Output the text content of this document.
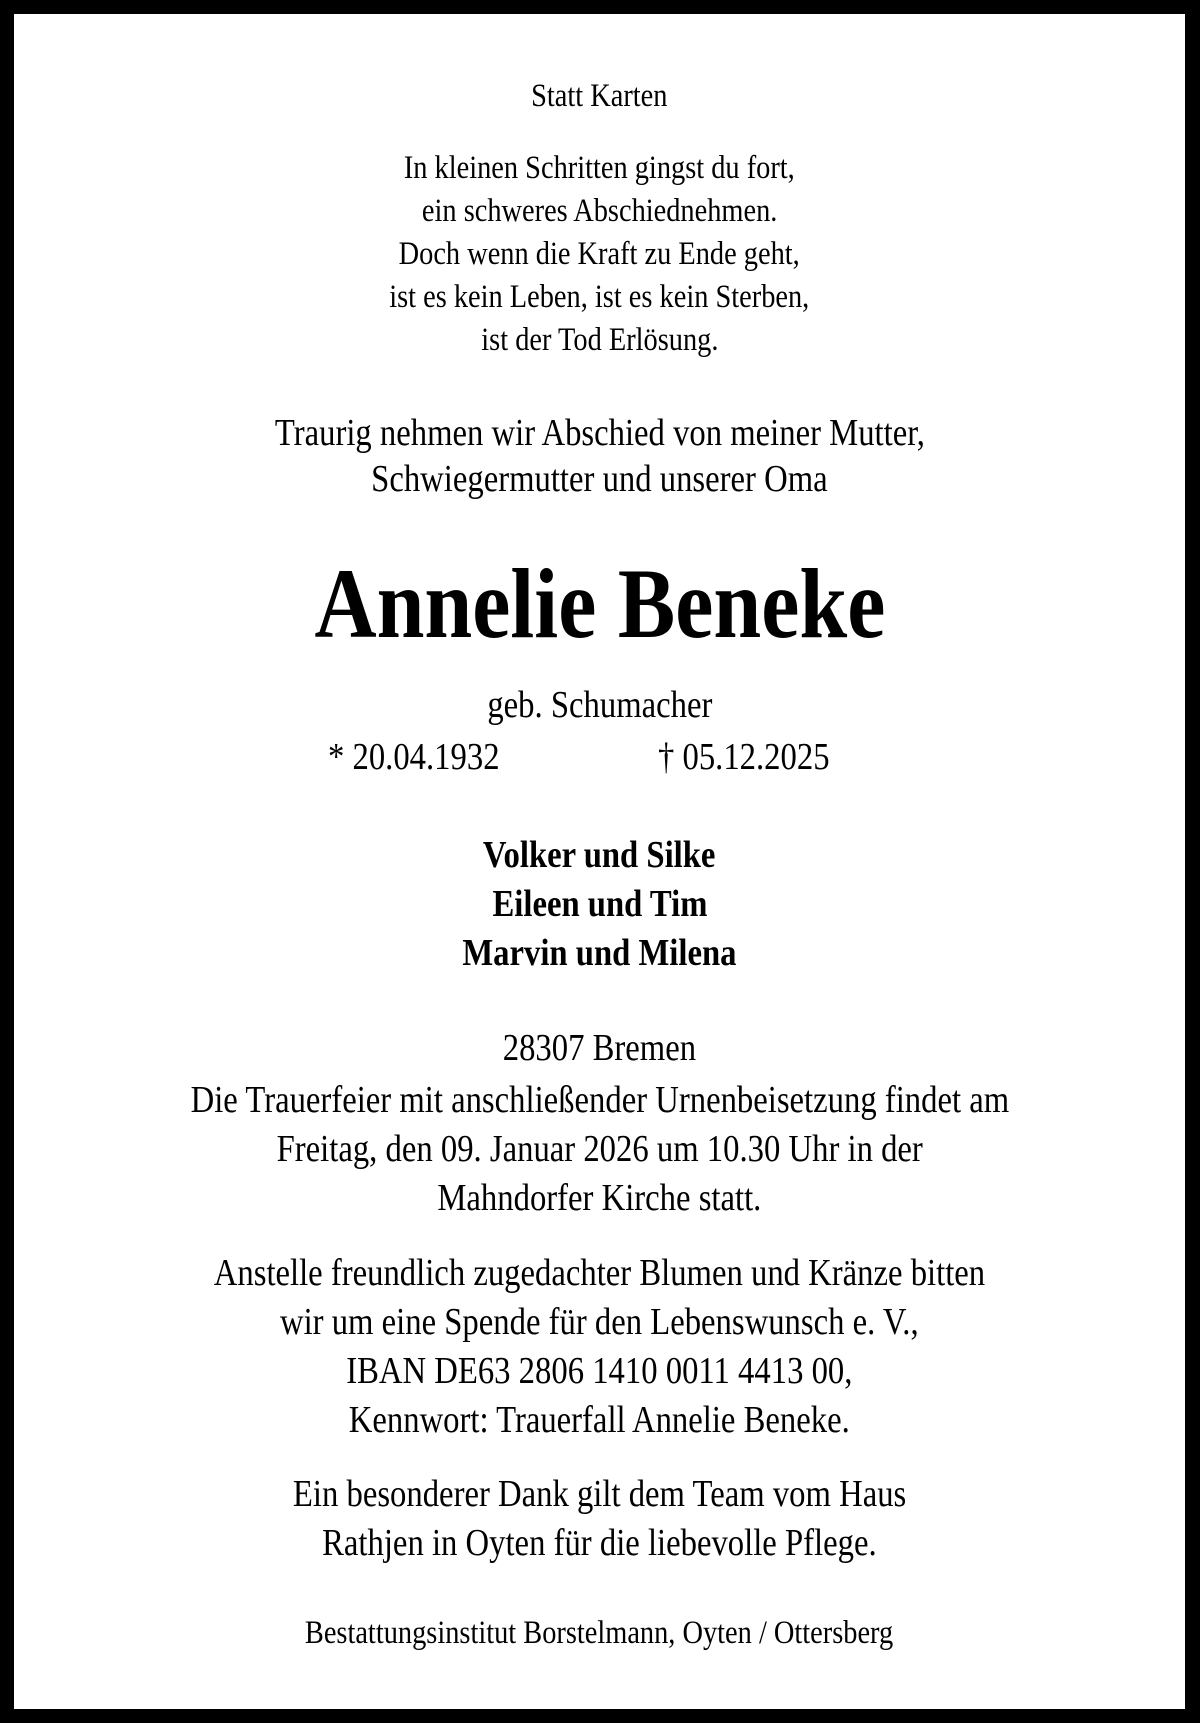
Statt Karten
In kleinen Schritten gingst du fort,
ein schweres Abschiednehmen.
Doch wenn die Kraft zu Ende geht,
ist es kein Leben, ist es kein Sterben,
ist der Tod Erlösung.
Traurig nehmen wir Abschied von meiner Mutter,
Schwiegermutter und unserer Oma
Annelie Beneke
geb. Schumacher
* 20.04.1932	† 05.12.2025
Volker und Silke
Eileen und Tim
Marvin und Milena
28307 Bremen
Die Trauerfeier mit anschließender Urnenbeisetzung findet am
Freitag, den 09. Januar 2026 um 10.30 Uhr in der
Mahndorfer Kirche statt.
Anstelle freundlich zugedachter Blumen und Kränze bitten
wir um eine Spende für den Lebenswunsch e. V.,
IBAN DE63 2806 1410 0011 4413 00,
Kennwort: Trauerfall Annelie Beneke.
Ein besonderer Dank gilt dem Team vom Haus
Rathjen in Oyten für die liebevolle Pflege.
Bestattungsinstitut Borstelmann, Oyten / Ottersberg
